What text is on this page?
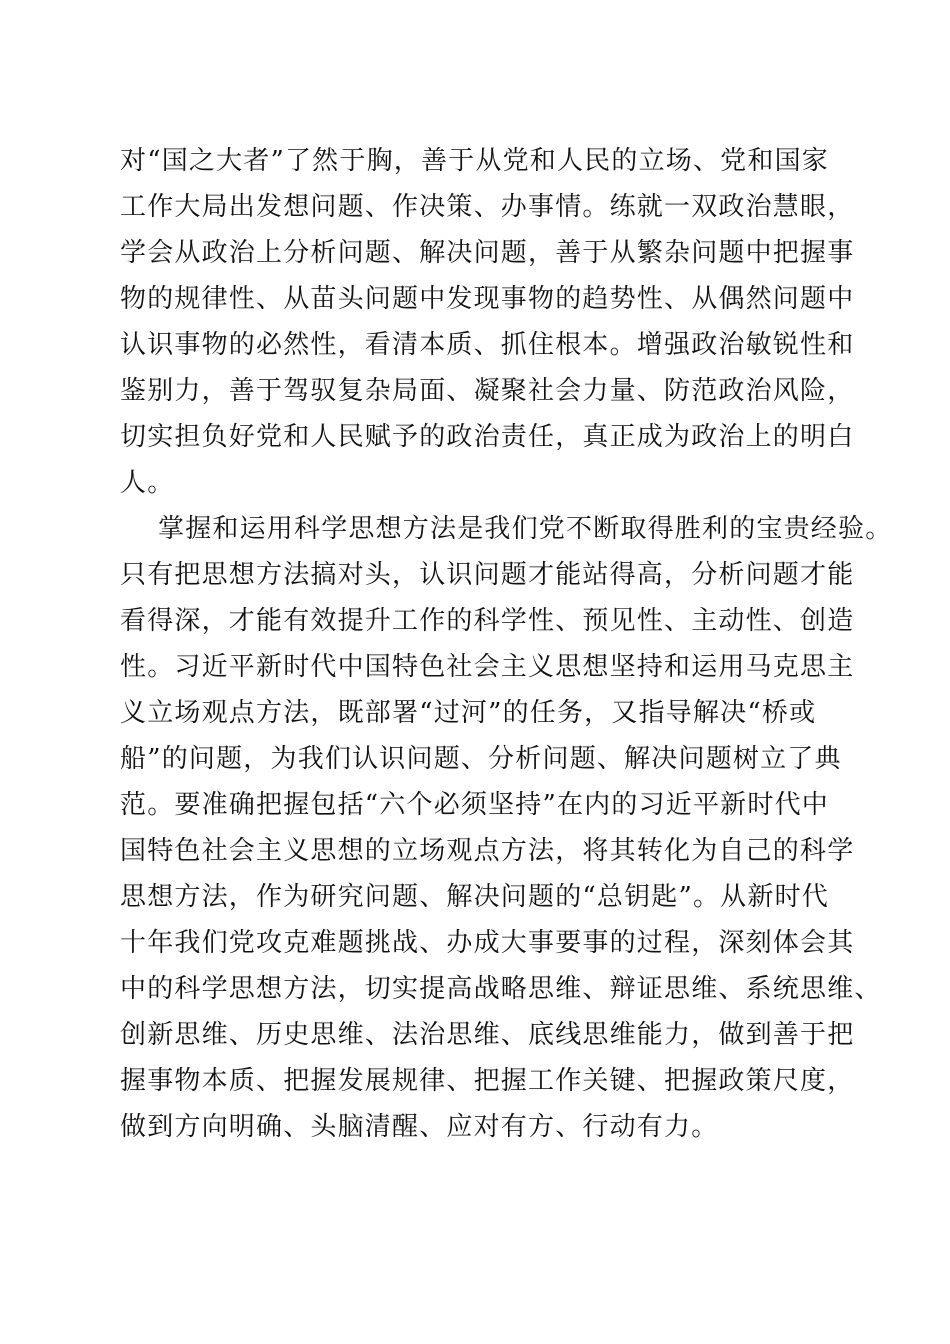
对“国之大者”了然于胸，善于从党和人民的立场、党和国家
工作大局出发想问题、作决策、办事情。练就一双政治慧眼，
学会从政治上分析问题、解决问题，善于从繁杂问题中把握事
物的规律性、从苗头问题中发现事物的趋势性、从偶然问题中
认识事物的必然性，看清本质、抓住根本。增强政治敏锐性和
鉴别力，善于驾驭复杂局面、凝聚社会力量、防范政治风险，
切实担负好党和人民赋予的政治责任，真正成为政治上的明白
人。
掌握和运用科学思想方法是我们党不断取得胜利的宝贵经验。
只有把思想方法搞对头，认识问题才能站得高，分析问题才能
看得深，才能有效提升工作的科学性、预见性、主动性、创造
性。习近平新时代中国特色社会主义思想坚持和运用马克思主
义立场观点方法，既部署“过河”的任务，又指导解决“桥或
船”的问题，为我们认识问题、分析问题、解决问题树立了典
范。要准确把握包括“六个必须坚持”在内的习近平新时代中
国特色社会主义思想的立场观点方法，将其转化为自己的科学
思想方法，作为研究问题、解决问题的“总钥匙”。从新时代
十年我们党攻克难题挑战、办成大事要事的过程，深刻体会其
中的科学思想方法，切实提高战略思维、辩证思维、系统思维、
创新思维、历史思维、法治思维、底线思维能力，做到善于把
握事物本质、把握发展规律、把握工作关键、把握政策尺度，
做到方向明确、头脑清醒、应对有方、行动有力。
